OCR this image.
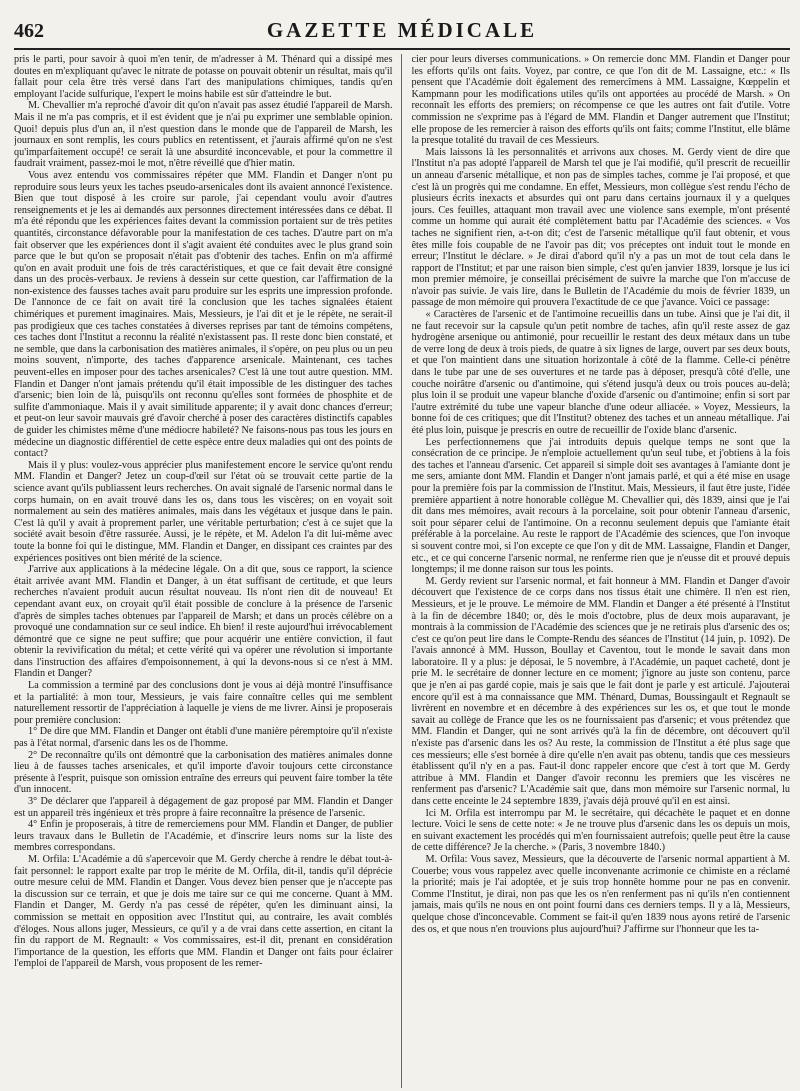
462	GAZETTE MÉDICALE

pris le parti, pour savoir à quoi m'en tenir, de m'adresser à M. Thénard qui a dissipé mes doutes en m'expliquant qu'avec le nitrate de potasse on pouvait obtenir un résultat, mais qu'il fallait pour cela être très versé dans l'art des manipulations chimiques, tandis qu'en employant l'acide sulfurique, l'expert le moins habile est sûr d'atteindre le but.

M. Chevallier m'a reproché d'avoir dit qu'on n'avait pas assez étudié l'appareil de Marsh. Mais il ne m'a pas compris, et il est évident que je n'ai pu exprimer une semblable opinion. Quoi! depuis plus d'un an, il n'est question dans le monde que de l'appareil de Marsh, les journaux en sont remplis, les cours publics en retentissent, et j'aurais affirmé qu'on ne s'est qu'imparfaitement occupé! ce serait là une absurdité inconcevable, et pour la commettre il faudrait vraiment, passez-moi le mot, n'être réveillé que d'hier matin.

Vous avez entendu vos commissaires répéter que MM. Flandin et Danger n'ont pu reproduire sous leurs yeux les taches pseudo-arsenicales dont ils avaient annoncé l'existence. Bien que tout disposé à les croire sur parole, j'ai cependant voulu avoir d'autres renseignements et je les ai demandés aux personnes directement intéressées dans ce débat. Il m'a été répondu que les expériences faites devant la commission portaient sur de très petites quantités, circonstance défavorable pour la manifestation de ces taches. D'autre part on m'a fait observer que les expériences dont il s'agit avaient été conduites avec le plus grand soin parce que le but qu'on se proposait n'était pas d'obtenir des taches. Enfin on m'a affirmé qu'on en avait produit une fois de très caractéristiques, et que ce fait devait être consigné dans un des procès-verbaux. Je reviens à dessein sur cette question, car l'affirmation de la non-existence des fausses taches avait paru produire sur les esprits une impression profonde. De l'annonce de ce fait on avait tiré la conclusion que les taches signalées étaient chimériques et purement imaginaires. Mais, Messieurs, je l'ai dit et je le répète, ne serait-il pas prodigieux que ces taches constatées à diverses reprises par tant de témoins compétens, ces taches dont l'Institut a reconnu la réalité n'existassent pas. Il reste donc bien constaté, et ne semble, que dans la carbonisation des matières animales, il s'opère, on peu plus ou un peu moins souvent, n'importe, des taches d'apparence arsenicale. Maintenant, ces taches peuvent-elles en imposer pour des taches arsenicales? C'est là une tout autre question. MM. Flandin et Danger n'ont jamais prétendu qu'il était impossible de les distinguer des taches d'arsenic; bien loin de là, puisqu'ils ont reconnu qu'elles sont formées de phosphite et de sulfite d'ammoniaque. Mais il y avait similitude apparente; il y avait donc chances d'erreur; et peut-on leur savoir mauvais gré d'avoir cherché à poser des caractères distinctifs capables de guider les chimistes même d'une médiocre habileté? Ne faisons-nous pas tous les jours en médecine un diagnostic différentiel de cette espèce entre deux maladies qui ont des points de contact?

Mais il y plus: voulez-vous apprécier plus manifestement encore le service qu'ont rendu MM. Flandin et Danger? Jetez un coup-d'œil sur l'état où se trouvait cette partie de la science avant qu'ils publiassent leurs recherches. On avait signalé de l'arsenic normal dans le corps humain, on en avait trouvé dans les os, dans tous les viscères; on en voyait soit normalement au sein des matières animales, mais dans les végétaux et jusque dans le pain. C'est là qu'il y avait à proprement parler, une véritable perturbation; c'est à ce sujet que la société avait besoin d'être rassurée. Aussi, je le répète, et M. Adelon l'a dit lui-même avec toute la bonne foi qui le distingue, MM. Flandin et Danger, en dissipant ces craintes par des expériences positives ont bien mérité de la science.

J'arrive aux applications à la médecine légale. On a dit que, sous ce rapport, la science était arrivée avant MM. Flandin et Danger, à un état suffisant de certitude, et que leurs recherches n'avaient produit aucun résultat nouveau. Ils n'ont rien dit de nouveau! Et cependant avant eux, on croyait qu'il était possible de conclure à la présence de l'arsenic d'après de simples taches obtenues par l'appareil de Marsh; et dans un procès célèbre on a provoqué une condamnation sur ce seul indice. Eh bien! il reste aujourd'hui irrévocablement démontré que ce signe ne peut suffire; que pour acquérir une entière conviction, il faut obtenir la revivification du métal; et cette vérité qui va opérer une révolution si importante dans l'instruction des affaires d'empoisonnement, à qui la devons-nous si ce n'est à MM. Flandin et Danger?

La commission a terminé par des conclusions dont je vous ai déjà montré l'insuffisance et la partialité: à mon tour, Messieurs, je vais faire connaître celles qui me semblent naturellement ressortir de l'appréciation à laquelle je viens de me livrer. Ainsi je proposerais pour première conclusion:

1° De dire que MM. Flandin et Danger ont établi d'une manière péremptoire qu'il n'existe pas à l'état normal, d'arsenic dans les os de l'homme.

2° De reconnaître qu'ils ont démontré que la carbonisation des matières animales donne lieu à de fausses taches arsenicales, et qu'il importe d'avoir toujours cette circonstance présente à l'esprit, puisque son omission entraîne des erreurs qui peuvent faire tomber la tête d'un innocent.

3° De déclarer que l'appareil à dégagement de gaz proposé par MM. Flandin et Danger est un appareil très ingénieux et très propre à faire reconnaître la présence de l'arsenic.

4° Enfin je proposerais, à titre de remerciemens pour MM. Flandin et Danger, de publier leurs travaux dans le Bulletin de l'Académie, et d'inscrire leurs noms sur la liste des membres correspondans.

M. Orfila: L'Académie a dû s'apercevoir que M. Gerdy cherche à rendre le débat tout-à-fait personnel: le rapport exalte par trop le mérite de M. Orfila, dit-il, tandis qu'il déprécie outre mesure celui de MM. Flandin et Danger. Vous devez bien penser que je n'accepte pas la discussion sur ce terrain, et que je dois me taire sur ce qui me concerne. Quant à MM. Flandin et Danger, M. Gerdy n'a pas cessé de répéter, qu'en les diminuant ainsi, la commission se mettait en opposition avec l'Institut qui, au contraire, les avait comblés d'éloges. Nous allons juger, Messieurs, ce qu'il y a de vrai dans cette assertion, en citant la fin du rapport de M. Regnault: « Vos commissaires, est-il dit, prenant en considération l'importance de la question, les efforts que MM. Flandin et Danger ont faits pour éclairer l'emploi de l'appareil de Marsh, vous proposent de les remer-

cier pour leurs diverses communications. » On remercie donc MM. Flandin et Danger pour les efforts qu'ils ont faits. Voyez, par contre, ce que l'on dit de M. Lassaigne, etc.: « Ils pensent que l'Académie doit également des remercîmens à MM. Lassaigne, Kœppelin et Kampmann pour les modifications utiles qu'ils ont apportées au procédé de Marsh. » On reconnaît les efforts des premiers; on récompense ce que les autres ont fait d'utile. Votre commission ne s'exprime pas à l'égard de MM. Flandin et Danger autrement que l'Institut; elle propose de les remercier à raison des efforts qu'ils ont faits; comme l'Institut, elle blâme la presque totalité du travail de ces Messieurs.

Mais laissons là les personnalités et arrivons aux choses. M. Gerdy vient de dire que l'Institut n'a pas adopté l'appareil de Marsh tel que je l'ai modifié, qu'il prescrit de recueillir un anneau d'arsenic métallique, et non pas de simples taches, comme je l'ai proposé, et que c'est là un progrès qui me condamne. En effet, Messieurs, mon collègue s'est rendu l'écho de plusieurs écrits inexacts et absurdes qui ont paru dans certains journaux il y a quelques jours. Ces feuilles, attaquant mon travail avec une violence sans exemple, m'ont présenté comme un homme qui aurait été complètement battu par l'Académie des sciences. « Vos taches ne signifient rien, a-t-on dit; c'est de l'arsenic métallique qu'il faut obtenir, et vous êtes mille fois coupable de ne l'avoir pas dit; vos préceptes ont induit tout le monde en erreur; l'Institut le déclare. » Je dirai d'abord qu'il n'y a pas un mot de tout cela dans le rapport de l'Institut; et par une raison bien simple, c'est qu'en janvier 1839, lorsque je lus ici mon premier mémoire, je conseillai précisément de suivre la marche que l'on m'accuse de n'avoir pas suivie. Je vais lire, dans le Bulletin de l'Académie du mois de février 1839, un passage de mon mémoire qui prouvera l'exactitude de ce que j'avance. Voici ce passage:

« Caractères de l'arsenic et de l'antimoine recueillis dans un tube. Ainsi que je l'ai dit, il ne faut recevoir sur la capsule qu'un petit nombre de taches, afin qu'il reste assez de gaz hydrogène arsenique ou antimonié, pour recueillir le restant des deux métaux dans un tube de verre long de deux à trois pieds, de quatre à six lignes de large, ouvert par ses deux bouts, et que l'on maintient dans une situation horizontale à côté de la flamme. Celle-ci pénètre dans le tube par une de ses ouvertures et ne tarde pas à déposer, presqu'à côté d'elle, une couche noirâtre d'arsenic ou d'antimoine, qui s'étend jusqu'à deux ou trois pouces au-delà; plus loin il se produit une vapeur blanche d'oxide d'arsenic ou d'antimoine; enfin si sort par l'autre extrémité du tube une vapeur blanche d'une odeur alliacée. » Voyez, Messieurs, la bonne foi de ces critiques; que dit l'Institut? obtenez des taches et un anneau métallique. J'ai été plus loin, puisque je prescris en outre de recueillir de l'oxide blanc d'arsenic.

Les perfectionnemens que j'ai introduits depuis quelque temps ne sont que la consécration de ce principe. Je n'emploie actuellement qu'un seul tube, et j'obtiens à la fois des taches et l'anneau d'arsenic. Cet appareil si simple doit ses avantages à l'amiante dont je me sers, amiante dont MM. Flandin et Danger n'ont jamais parlé, et qui a été mise en usage pour la première fois par la commission de l'Institut. Mais, Messieurs, il faut être juste, l'idée première appartient à notre honorable collègue M. Chevallier qui, dès 1839, ainsi que je l'ai dit dans mes mémoires, avait recours à la porcelaine, soit pour obtenir l'anneau d'arsenic, soit pour séparer celui de l'antimoine. On a reconnu seulement depuis que l'amiante était préférable à la porcelaine. Au reste le rapport de l'Académie des sciences, que l'on invoque si souvent contre moi, si l'on excepte ce que l'on y dit de MM. Lassaigne, Flandin et Danger, etc., et ce qui concerne l'arsenic normal, ne renferme rien que je n'eusse dit et prouvé depuis longtemps; il me donne raison sur tous les points.

M. Gerdy revient sur l'arsenic normal, et fait honneur à MM. Flandin et Danger d'avoir découvert que l'existence de ce corps dans nos tissus était une chimère. Il n'en est rien, Messieurs, et je le prouve. Le mémoire de MM. Flandin et Danger a été présenté à l'Institut à la fin de décembre 1840; or, dès le mois d'octobre, plus de deux mois auparavant, je montrais à la commission de l'Académie des sciences que je ne retirais plus d'arsenic des os; c'est ce qu'on peut lire dans le Compte-Rendu des séances de l'Institut (14 juin, p. 1092). De l'avais annoncé à MM. Husson, Boullay et Caventou, tout le monde le savait dans mon laboratoire. Il y a plus: je déposai, le 5 novembre, à l'Académie, un paquet cacheté, dont je prie M. le secrétaire de donner lecture en ce moment; j'ignore au juste son contenu, parce que je n'en ai pas gardé copie, mais je sais que le fait dont je parle y est articulé. J'ajouterai encore qu'il est à ma connaissance que MM. Thénard, Dumas, Boussingault et Regnault se livrèrent en novembre et en décembre à des expériences sur les os, et que tout le monde savait au collège de France que les os ne fournissaient pas d'arsenic; et vous prétendez que MM. Flandin et Danger, qui ne sont arrivés qu'à la fin de décembre, ont découvert qu'il n'existe pas d'arsenic dans les os? Au reste, la commission de l'Institut a été plus sage que ces messieurs; elle s'est bornée à dire qu'elle n'en avait pas obtenu, tandis que ces messieurs établissent qu'il n'y en a pas. Faut-il donc rappeler encore que c'est à tort que M. Gerdy attribue à MM. Flandin et Danger d'avoir reconnu les premiers que les viscères ne renferment pas d'arsenic? L'Académie sait que, dans mon mémoire sur l'arsenic normal, lu dans cette enceinte le 24 septembre 1839, j'avais déjà prouvé qu'il en est ainsi.

Ici M. Orfila est interrompu par M. le secrétaire, qui décachète le paquet et en donne lecture. Voici le sens de cette note: « Je ne trouve plus d'arsenic dans les os depuis un mois, en suivant exactement les procédés qui m'en fournissaient autrefois; quelle peut être la cause de cette différence? Je la cherche. » (Paris, 3 novembre 1840.)

M. Orfila: Vous savez, Messieurs, que la découverte de l'arsenic normal appartient à M. Couerbe; vous vous rappelez avec quelle inconvenante acrimonie ce chimiste en a réclamé la priorité; mais je l'ai adoptée, et je suis trop honnête homme pour ne pas en convenir. Comme l'Institut, je dirai, non pas que les os n'en renferment pas ni qu'ils n'en contiennent jamais, mais qu'ils ne nous en ont point fourni dans ces derniers temps. Il y a là, Messieurs, quelque chose d'inconcevable. Comment se fait-il qu'en 1839 nous ayons retiré de l'arsenic des os, et que nous n'en trouvions plus aujourd'hui? J'affirme sur l'honneur que les ta-
